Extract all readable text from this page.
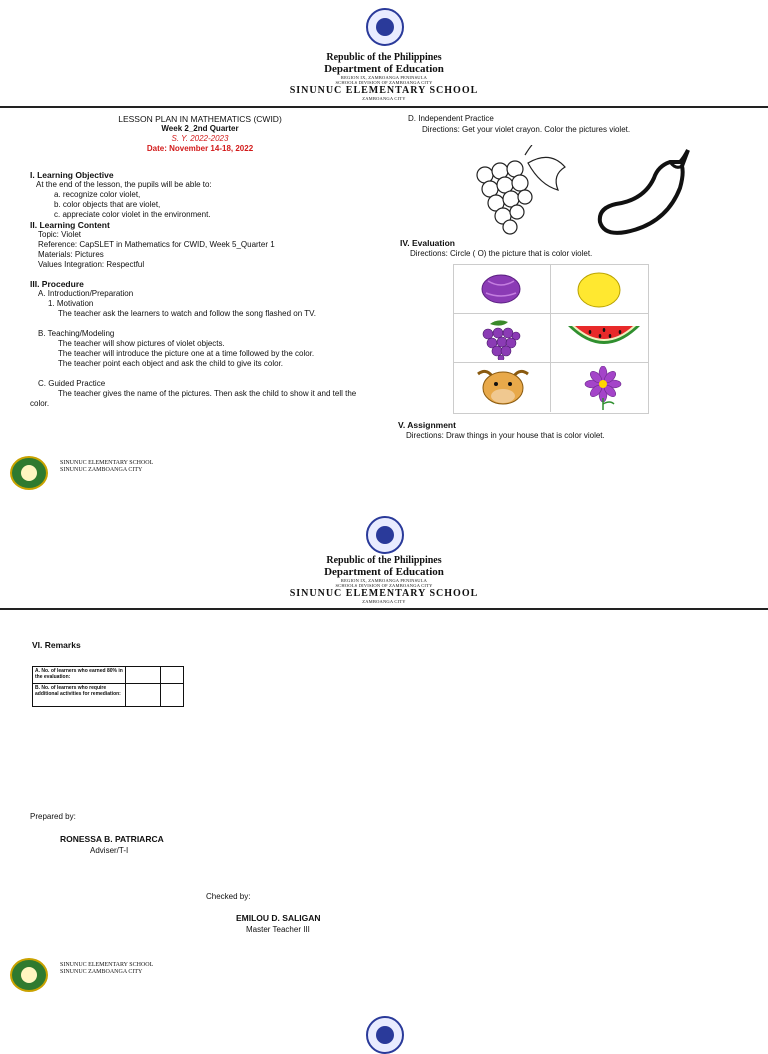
Republic of the Philippines
Department of Education
REGION IX, ZAMBOANGA PENINSULA
SCHOOLS DIVISION OF ZAMBOANGA CITY
SINUNUC ELEMENTARY SCHOOL
ZAMBOANGA CITY
LESSON PLAN IN MATHEMATICS (CWID)
Week 2_2nd Quarter
S. Y. 2022-2023
Date: November 14-18, 2022
I. Learning Objective
At the end of the lesson, the pupils will be able to:
a. recognize color violet,
b. color objects that are violet,
c. appreciate color violet in the environment.
II. Learning Content
Topic: Violet
Reference: CapSLET in Mathematics for CWID, Week 5_Quarter 1
Materials: Pictures
Values Integration: Respectful
III. Procedure
A. Introduction/Preparation
1. Motivation
The teacher ask the learners to watch and follow the song flashed on TV.
B. Teaching/Modeling
The teacher will show pictures of violet objects.
The teacher will introduce the picture one at a time followed by the color.
The teacher point each object and ask the child to give its color.
C. Guided Practice
The teacher gives the name of the pictures. Then ask the child to show it and tell the
color.
D. Independent Practice
Directions: Get your violet crayon. Color the pictures violet.
IV. Evaluation
Directions: Circle ( O) the picture that is color violet.
V. Assignment
Directions: Draw things in your house that is color violet.
SINUNUC ELEMENTARY SCHOOL
SINUNUC ZAMBOANGA CITY
Republic of the Philippines
Department of Education
REGION IX, ZAMBOANGA PENINSULA
SCHOOLS DIVISION OF ZAMBOANGA CITY
SINUNUC ELEMENTARY SCHOOL
ZAMBOANGA CITY
VI. Remarks
A. No. of learners who earned 80% in the evaluation:		
B. No. of learners who require additional activities for remediation:		
Prepared by:
RONESSA B. PATRIARCA
Adviser/T-I
Checked by:
EMILOU D. SALIGAN
Master Teacher III
SINUNUC ELEMENTARY SCHOOL
SINUNUC ZAMBOANGA CITY
